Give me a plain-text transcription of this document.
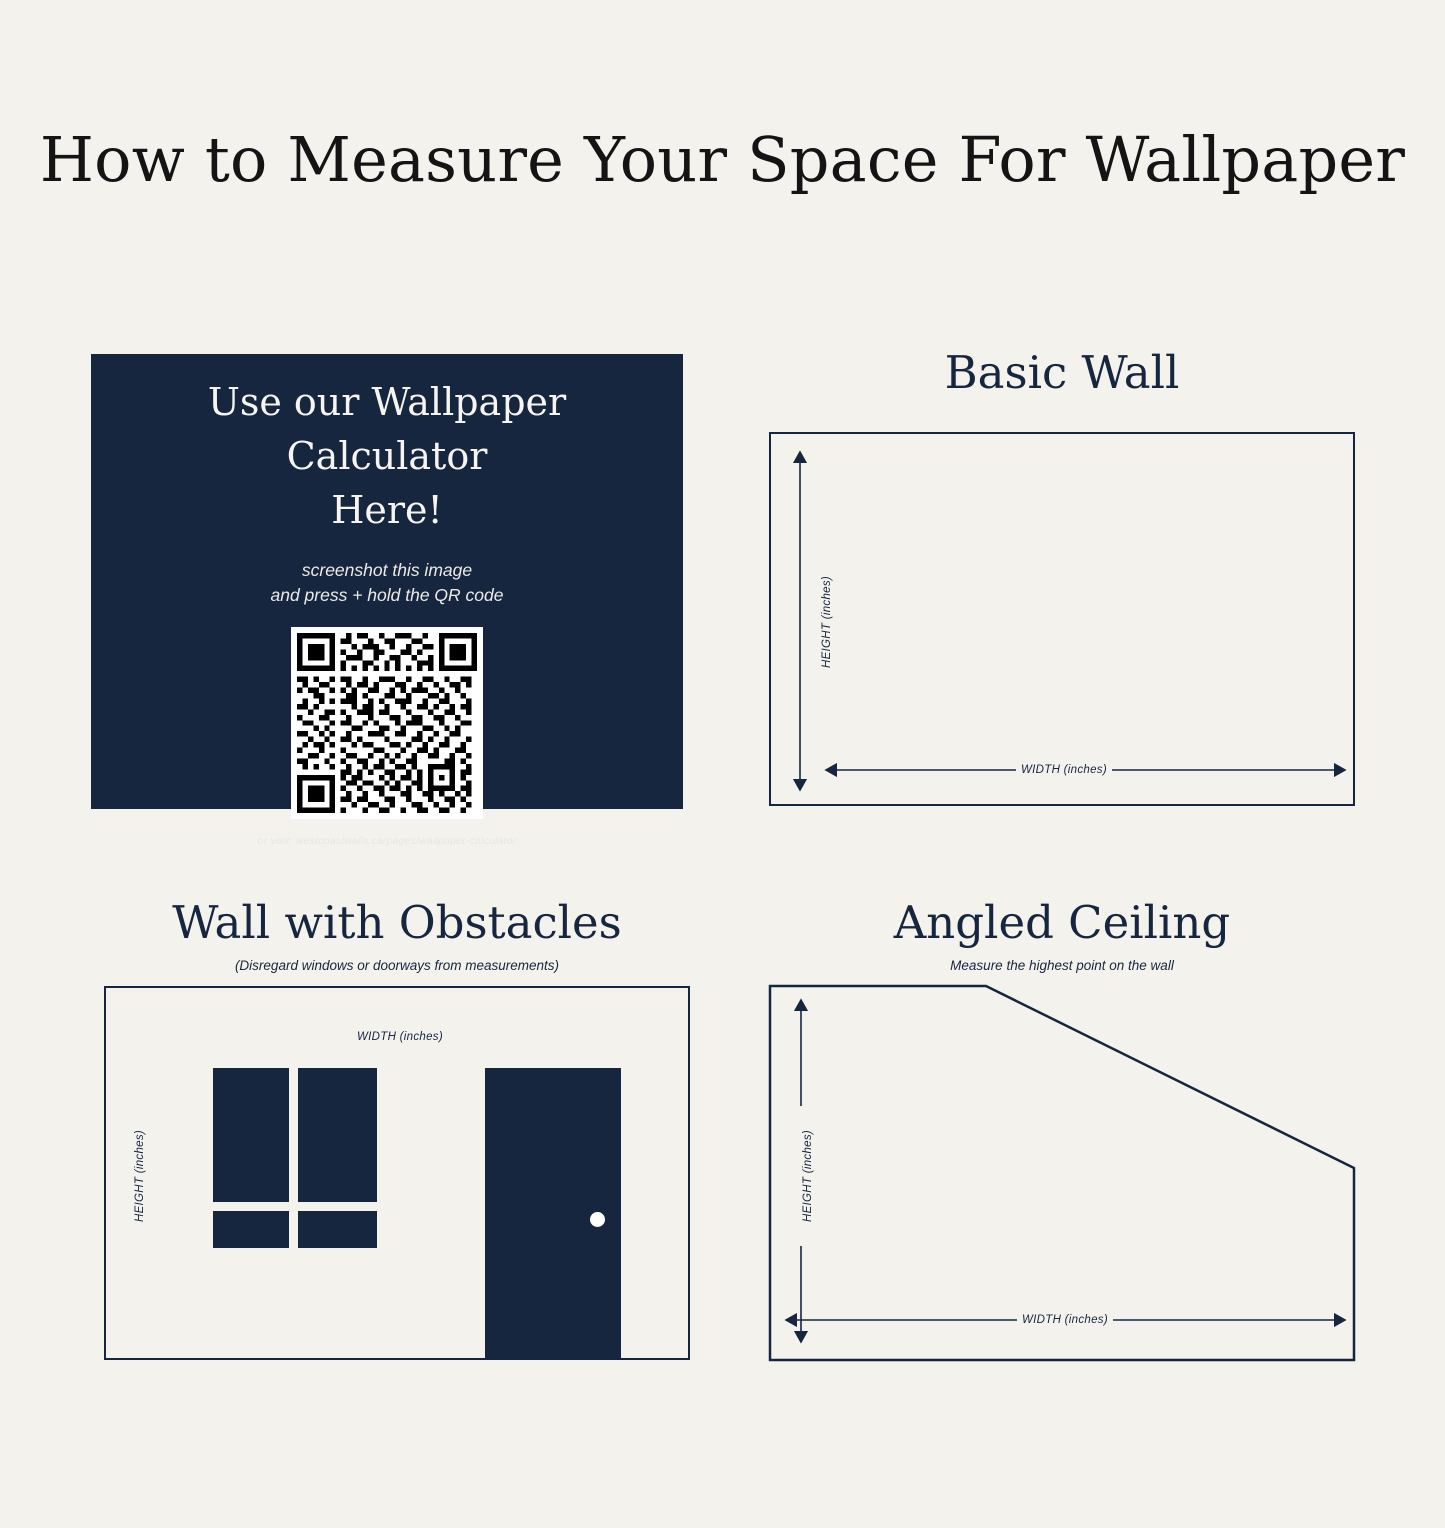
How to Measure Your Space For Wallpaper
Use our Wallpaper
Calculator
Here!
screenshot this image
and press + hold the QR code
or visit: westcoastwalls.ca/pages/wallpaper-calculator
Basic Wall
HEIGHT (inches)
WIDTH (inches)
Wall with Obstacles
(Disregard windows or doorways from measurements)
HEIGHT (inches)
WIDTH (inches)
Angled Ceiling
Measure the highest point on the wall
HEIGHT (inches)
WIDTH (inches)
